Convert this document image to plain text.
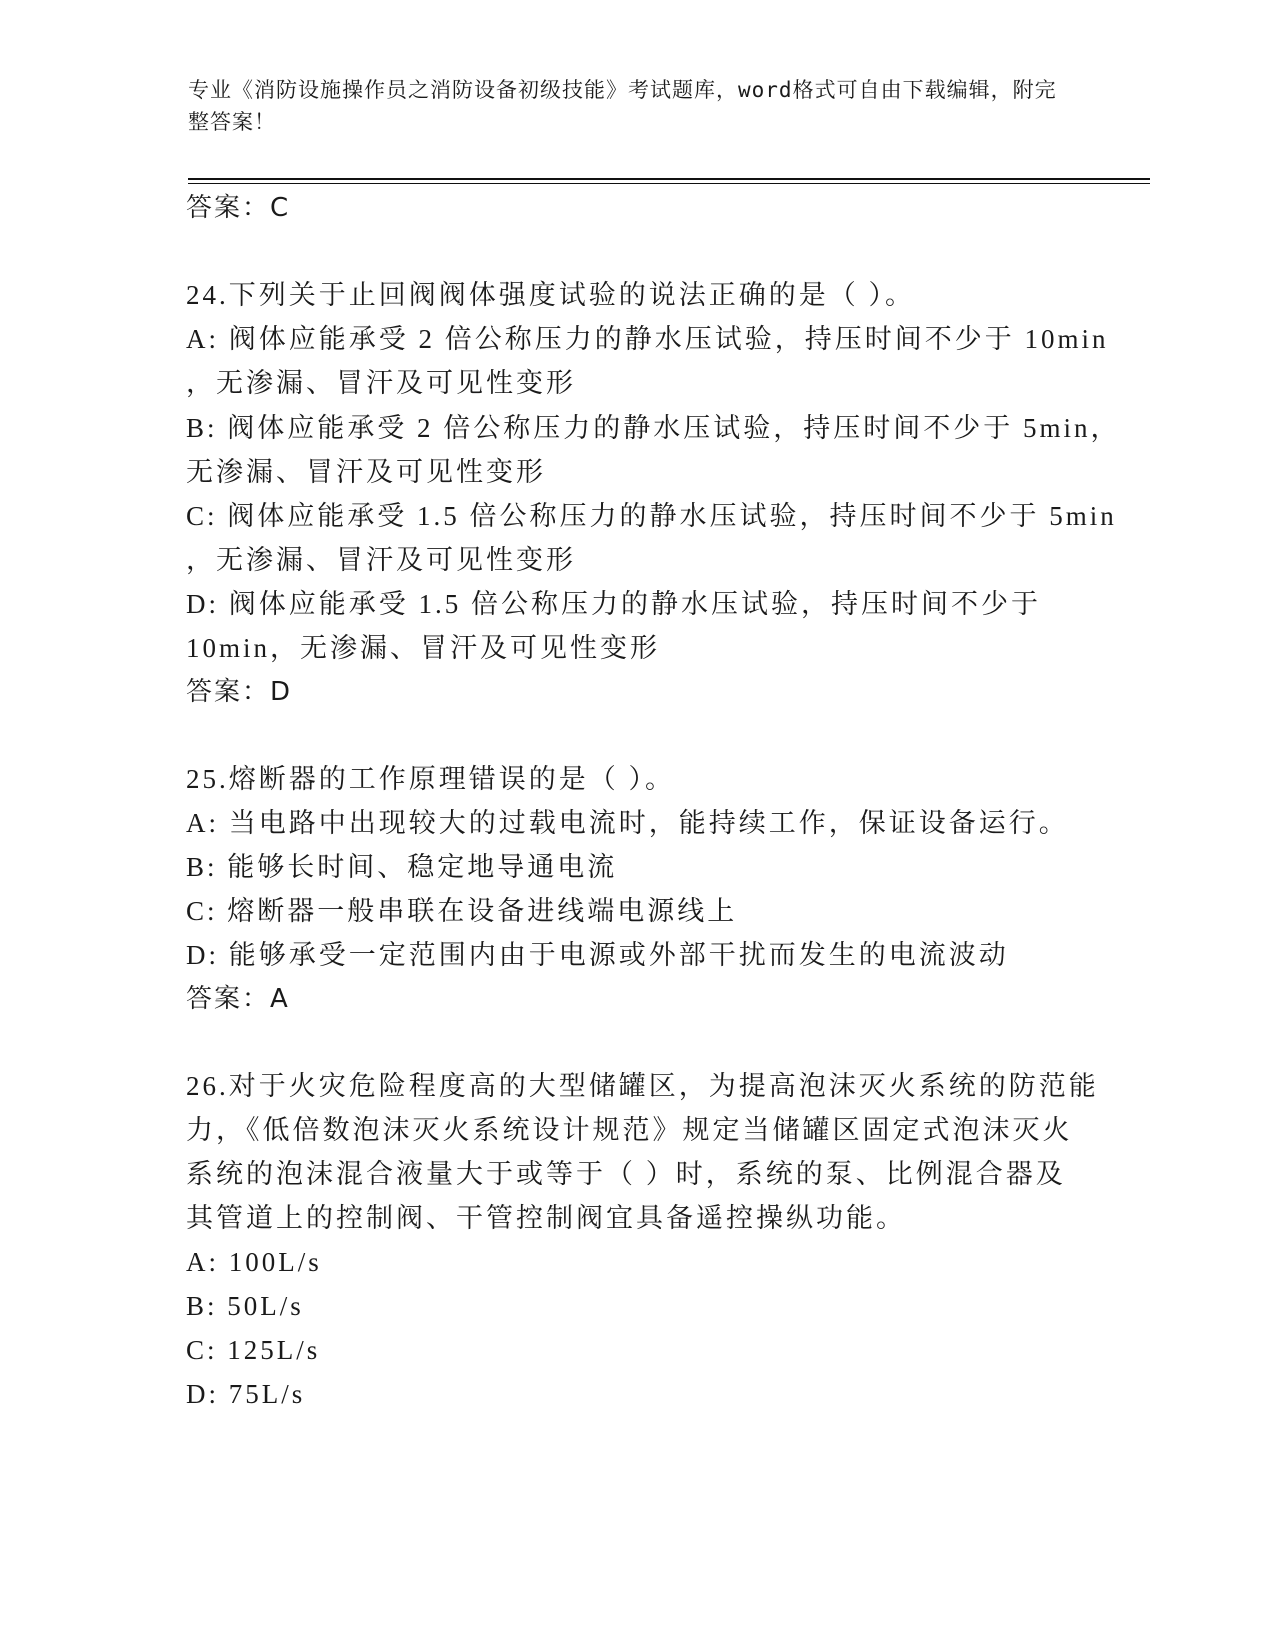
专业《消防设施操作员之消防设备初级技能》考试题库，word格式可自由下载编辑，附完整答案！
答案：C
24.下列关于止回阀阀体强度试验的说法正确的是（ ）。
A: 阀体应能承受 2 倍公称压力的静水压试验，持压时间不少于 10min
，无渗漏、冒汗及可见性变形
B: 阀体应能承受 2 倍公称压力的静水压试验，持压时间不少于 5min，
无渗漏、冒汗及可见性变形
C: 阀体应能承受 1.5 倍公称压力的静水压试验，持压时间不少于 5min
，无渗漏、冒汗及可见性变形
D: 阀体应能承受 1.5 倍公称压力的静水压试验，持压时间不少于
10min，无渗漏、冒汗及可见性变形
答案：D
25.熔断器的工作原理错误的是（ ）。
A: 当电路中出现较大的过载电流时，能持续工作，保证设备运行。
B: 能够长时间、稳定地导通电流
C: 熔断器一般串联在设备进线端电源线上
D: 能够承受一定范围内由于电源或外部干扰而发生的电流波动
答案：A
26.对于火灾危险程度高的大型储罐区，为提高泡沫灭火系统的防范能
力，《低倍数泡沫灭火系统设计规范》规定当储罐区固定式泡沫灭火
系统的泡沫混合液量大于或等于（ ）时，系统的泵、比例混合器及
其管道上的控制阀、干管控制阀宜具备遥控操纵功能。
A: 100L/s
B: 50L/s
C: 125L/s
D: 75L/s
